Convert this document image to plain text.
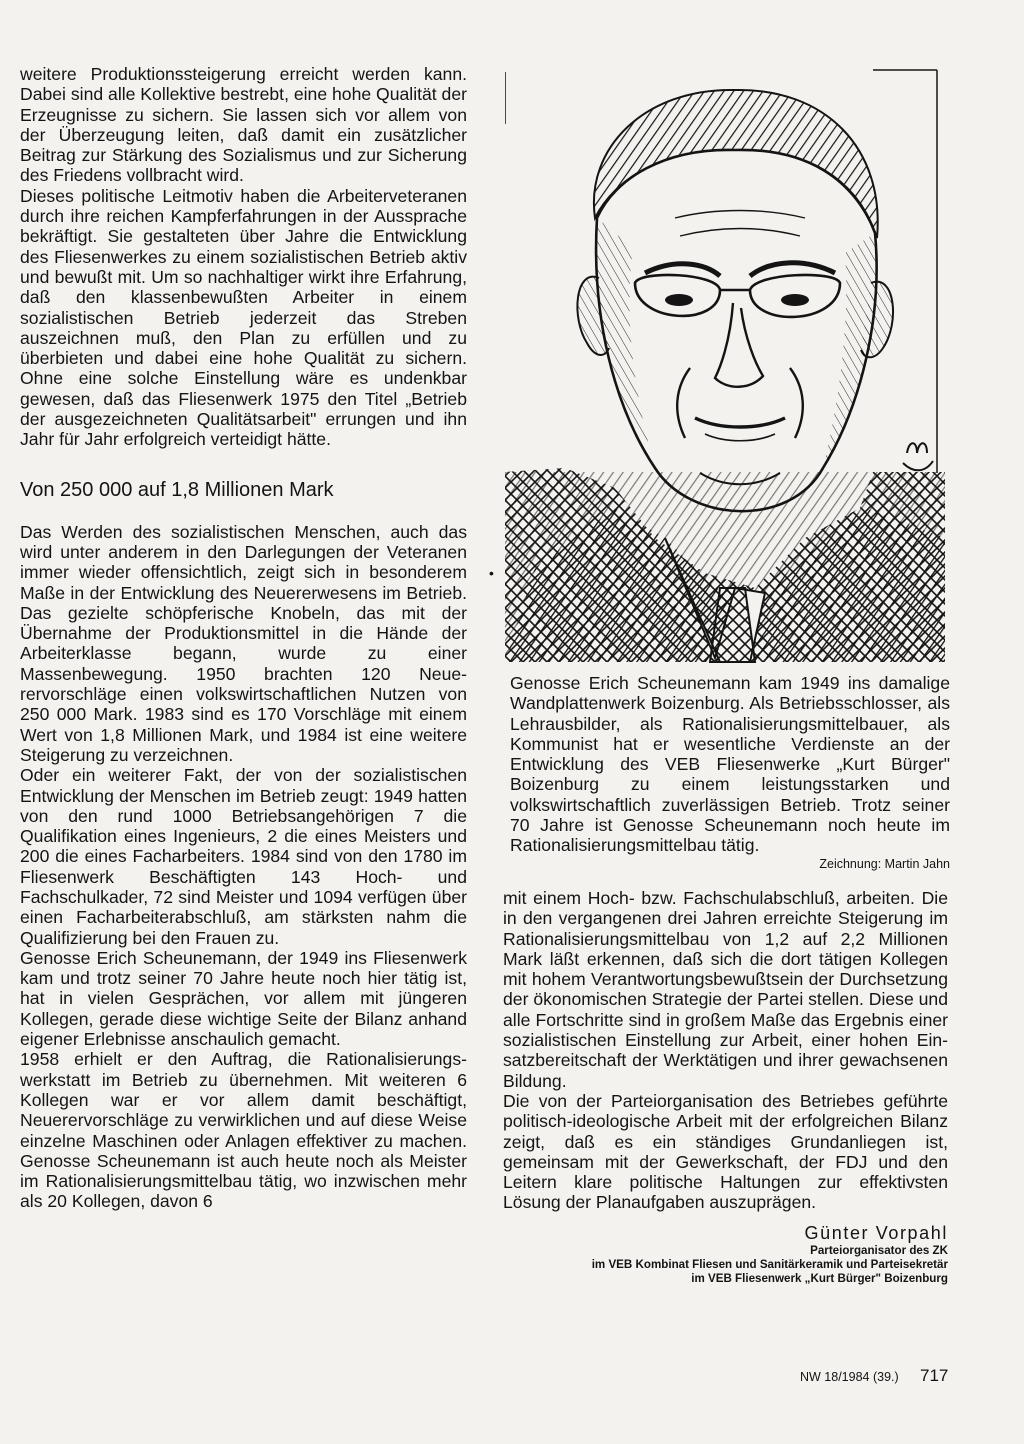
weitere Produktionssteigerung erreicht werden kann. Dabei sind alle Kollektive bestrebt, eine hohe Qualität der Erzeugnisse zu sichern. Sie lassen sich vor allem von der Überzeugung leiten, daß damit ein zusätzlicher Beitrag zur Stärkung des Sozialismus und zur Sicherung des Friedens vollbracht wird.

Dieses politische Leitmotiv haben die Arbeiterveteranen durch ihre reichen Kampferfahrungen in der Aussprache bekräftigt. Sie gestalteten über Jahre die Entwicklung des Fliesenwerkes zu einem sozialistischen Betrieb aktiv und bewußt mit. Um so nachhaltiger wirkt ihre Erfahrung, daß den klassenbewußten Arbeiter in einem sozialistischen Betrieb jederzeit das Streben auszeichnen muß, den Plan zu erfüllen und zu überbieten und dabei eine hohe Qualität zu sichern. Ohne eine solche Einstellung wäre es undenkbar gewesen, daß das Fliesenwerk 1975 den Titel „Betrieb der ausgezeichneten Qualitätsarbeit" errungen und ihn Jahr für Jahr erfolgreich verteidigt hätte.

Von 250 000 auf 1,8 Millionen Mark

Das Werden des sozialistischen Menschen, auch das wird unter anderem in den Darlegungen der Veteranen immer wieder offensichtlich, zeigt sich in besonderem Maße in der Entwicklung des Neuererwesens im Betrieb. Das gezielte schöpferische Knobeln, das mit der Übernahme der Produktionsmittel in die Hände der Arbeiterklasse begann, wurde zu einer Massenbewegung. 1950 brachten 120 Neuerervorschläge einen volkswirtschaftlichen Nutzen von 250 000 Mark. 1983 sind es 170 Vorschläge mit einem Wert von 1,8 Millionen Mark, und 1984 ist eine weitere Steigerung zu verzeichnen.

Oder ein weiterer Fakt, der von der sozialistischen Entwicklung der Menschen im Betrieb zeugt: 1949 hatten von den rund 1000 Betriebsangehörigen 7 die Qualifikation eines Ingenieurs, 2 die eines Meisters und 200 die eines Facharbeiters. 1984 sind von den 1780 im Fliesenwerk Beschäftigten 143 Hoch- und Fachschulkader, 72 sind Meister und 1094 verfügen über einen Facharbeiterabschluß, am stärksten nahm die Qualifizierung bei den Frauen zu.

Genosse Erich Scheunemann, der 1949 ins Fliesenwerk kam und trotz seiner 70 Jahre heute noch hier tätig ist, hat in vielen Gesprächen, vor allem mit jüngeren Kollegen, gerade diese wichtige Seite der Bilanz anhand eigener Erlebnisse anschaulich gemacht.

1958 erhielt er den Auftrag, die Rationalisierungswerkstatt im Betrieb zu übernehmen. Mit weiteren 6 Kollegen war er vor allem damit beschäftigt, Neuerervorschläge zu verwirklichen und auf diese Weise einzelne Maschinen oder Anlagen effektiver zu machen. Genosse Scheunemann ist auch heute noch als Meister im Rationalisierungsmittelbau tätig, wo inzwischen mehr als 20 Kollegen, davon 6

•

Genosse Erich Scheunemann kam 1949 ins damalige Wandplattenwerk Boizenburg. Als Betriebsschlosser, als Lehrausbilder, als Rationalisierungsmittelbauer, als Kommunist hat er wesentliche Verdienste an der Entwicklung des VEB Fliesenwerke „Kurt Bürger" Boizenburg zu einem leistungsstarken und volkswirtschaftlich zuverlässigen Betrieb. Trotz seiner 70 Jahre ist Genosse Scheunemann noch heute im Rationalisierungsmittelbau tätig.

Zeichnung: Martin Jahn

mit einem Hoch- bzw. Fachschulabschluß, arbeiten. Die in den vergangenen drei Jahren erreichte Steigerung im Rationalisierungsmittelbau von 1,2 auf 2,2 Millionen Mark läßt erkennen, daß sich die dort tätigen Kollegen mit hohem Verantwortungsbewußtsein der Durchsetzung der ökonomischen Strategie der Partei stellen. Diese und alle Fortschritte sind in großem Maße das Ergebnis einer sozialistischen Einstellung zur Arbeit, einer hohen Einsatzbereitschaft der Werktätigen und ihrer gewachsenen Bildung.

Die von der Parteiorganisation des Betriebes geführte politisch-ideologische Arbeit mit der erfolgreichen Bilanz zeigt, daß es ein ständiges Grundanliegen ist, gemeinsam mit der Gewerkschaft, der FDJ und den Leitern klare politische Haltungen zur effektivsten Lösung der Planaufgaben auszuprägen.

Günter Vorpahl
Parteiorganisator des ZK
im VEB Kombinat Fliesen und Sanitärkeramik und Parteisekretär
im VEB Fliesenwerk „Kurt Bürger" Boizenburg
NW 18/1984 (39.) 717
